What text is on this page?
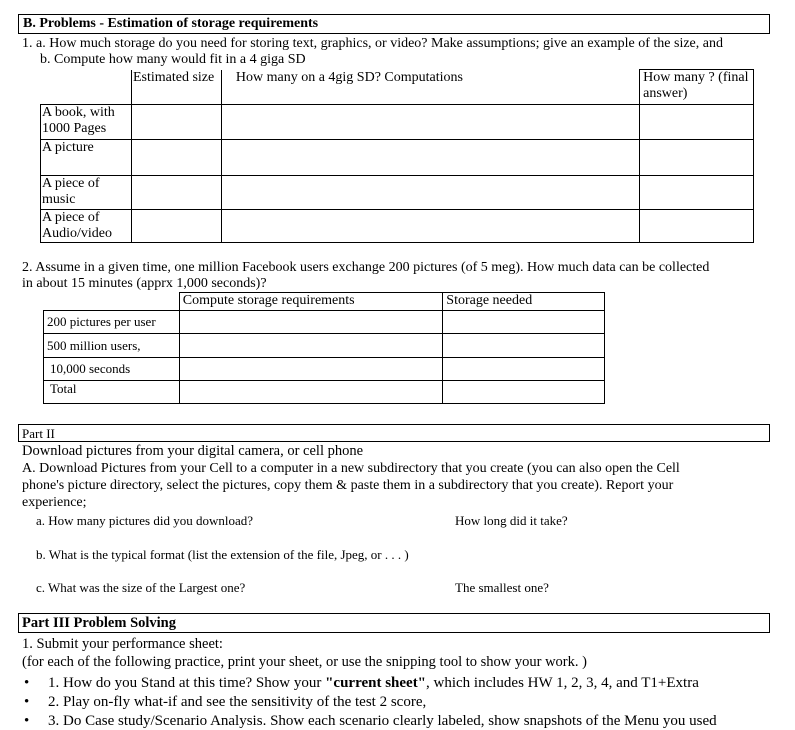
B. Problems - Estimation of storage requirements
1. a. How much storage do you need for storing text, graphics, or video? Make assumptions; give an example of the size, and
b. Compute how many would fit in a 4 giga SD
	Estimated size	How many on a 4gig SD? Computations	How many ? (final answer)
A book, with 1000 Pages			
A picture			
A piece of music			
A piece of Audio/video			
2. Assume in a given time, one million Facebook users exchange 200 pictures (of 5 meg). How much data can be collected
in about 15 minutes (apprx 1,000 seconds)?
	Compute storage requirements	Storage needed
200 pictures per user		
500 million users,		
10,000 seconds		
Total		
Part II
Download pictures from your digital camera, or cell phone
A. Download Pictures from your Cell to a computer in a new subdirectory that you create (you can also open the Cell
phone's picture directory, select the pictures, copy them & paste them in a subdirectory that you create). Report your
experience;
a. How many pictures did you download?	How long did it take?
b. What is the typical format (list the extension of the file, Jpeg, or . . . )
c. What was the size of the Largest one?	The smallest one?
Part III Problem Solving
1. Submit your performance sheet:
(for each of the following practice, print your sheet, or use the snipping tool to show your work. )
1. How do you Stand at this time? Show your "current sheet", which includes HW 1, 2, 3, 4, and T1+Extra
2. Play on-fly what-if and see the sensitivity of the test 2 score,
3. Do Case study/Scenario Analysis. Show each scenario clearly labeled, show snapshots of the Menu you used
